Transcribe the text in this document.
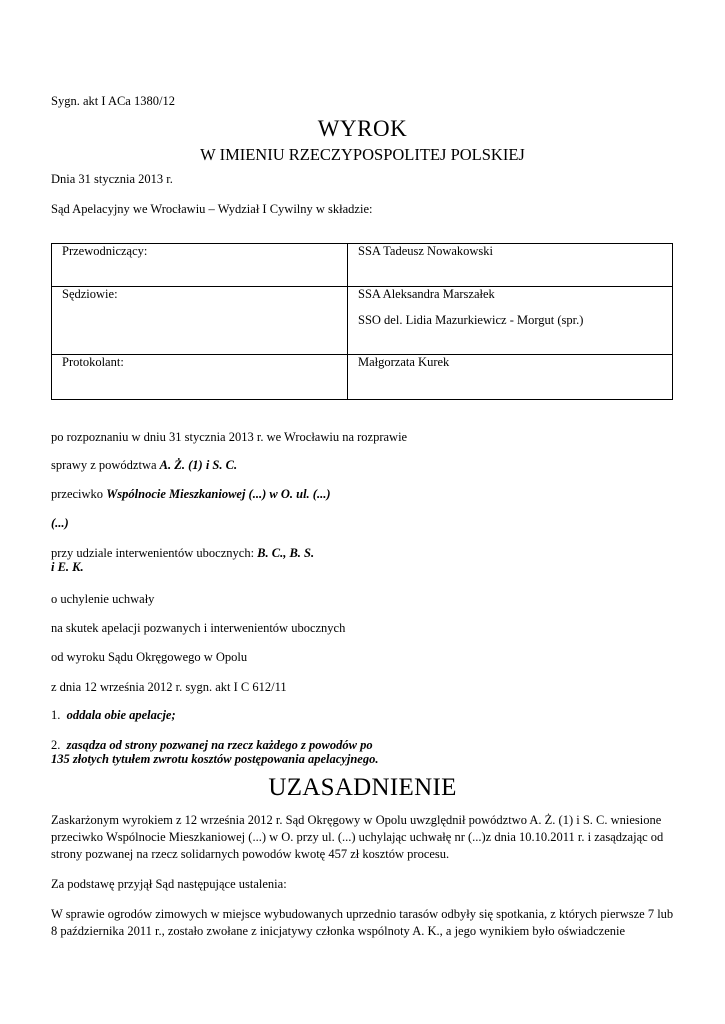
Sygn. akt I ACa 1380/12
WYROK
W IMIENIU RZECZYPOSPOLITEJ POLSKIEJ
Dnia 31 stycznia 2013 r.
Sąd Apelacyjny we Wrocławiu – Wydział I Cywilny w składzie:
Przewodniczący:	SSA Tadeusz Nowakowski
Sędziowie:	SSA Aleksandra Marszałek
SSO del. Lidia Mazurkiewicz - Morgut (spr.)

Protokolant:	Małgorzata Kurek
po rozpoznaniu w dniu 31 stycznia 2013 r. we Wrocławiu na rozprawie
sprawy z powództwa A. Ż. (1) i S. C.
przeciwko Wspólnocie Mieszkaniowej (...) w O. ul. (...)
(...)
przy udziale interwenientów ubocznych: B. C., B. S.
i E. K.
o uchylenie uchwały
na skutek apelacji pozwanych i interwenientów ubocznych
od wyroku Sądu Okręgowego w Opolu
z dnia 12 września 2012 r. sygn. akt I C 612/11
1. oddala obie apelacje;
2. zasądza od strony pozwanej na rzecz każdego z powodów po
135 złotych tytułem zwrotu kosztów postępowania apelacyjnego.
UZASADNIENIE
Zaskarżonym wyrokiem z 12 września 2012 r. Sąd Okręgowy w Opolu uwzględnił powództwo A. Ż. (1) i S. C. wniesione przeciwko Wspólnocie Mieszkaniowej (...) w O. przy ul. (...) uchylając uchwałę nr (...)z dnia 10.10.2011 r. i zasądzając od strony pozwanej na rzecz solidarnych powodów kwotę 457 zł kosztów procesu.
Za podstawę przyjął Sąd następujące ustalenia:
W sprawie ogrodów zimowych w miejsce wybudowanych uprzednio tarasów odbyły się spotkania, z których pierwsze 7 lub 8 października 2011 r., zostało zwołane z inicjatywy członka wspólnoty A. K., a jego wynikiem było oświadczenie
